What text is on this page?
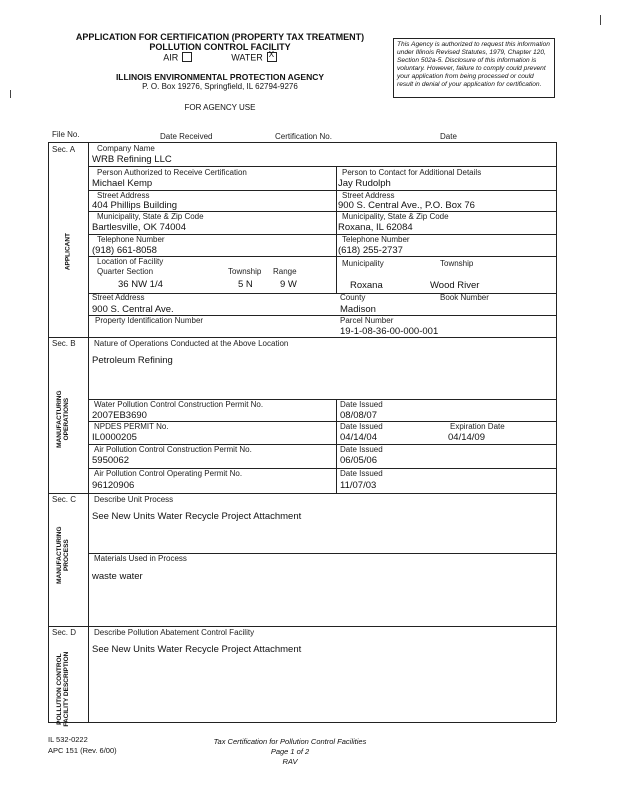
APPLICATION FOR CERTIFICATION (PROPERTY TAX TREATMENT)
POLLUTION CONTROL FACILITY
AIR	WATER X
ILLINOIS ENVIRONMENTAL PROTECTION AGENCY
P. O. Box 19276, Springfield, IL 62794-9276
FOR AGENCY USE
This Agency is authorized to request this information under Illinois Revised Statutes, 1979, Chapter 120, Section 502a-5. Disclosure of this information is voluntary. However, failure to comply could prevent your application from being processed or could result in denial of your application for certification.
File No.	Date Received	Certification No.	Date
Sec. A
APPLICANT
Company Name
WRB Refining LLC
Person Authorized to Receive Certification
Michael Kemp
Person to Contact for Additional Details
Jay Rudolph
Street Address
404 Phillips Building
Street Address
900 S. Central Ave., P.O. Box 76
Municipality, State & Zip Code
Bartlesville, OK 74004
Municipality, State & Zip Code
Roxana, IL 62084
Telephone Number
(918) 661-8058
Telephone Number
(618) 255-2737
Location of Facility
Quarter Section
36 NW 1/4
Township
5 N
Range
9 W
Municipality
Roxana
Township
Wood River
Street Address
900 S. Central Ave.
County
Madison
Book Number
Property Identification Number	Parcel Number
19-1-08-36-00-000-001
Sec. B
MANUFACTURING
OPERATIONS
Nature of Operations Conducted at the Above Location
Petroleum Refining
Water Pollution Control Construction Permit No.
2007EB3690
Date Issued
08/08/07
NPDES PERMIT No.
IL0000205
Date Issued
04/14/04
Expiration Date
04/14/09
Air Pollution Control Construction Permit No.
5950062
Date Issued
06/05/06
Air Pollution Control Operating Permit No.
96120906
Date Issued
11/07/03
Sec. C
MANUFACTURING
PROCESS
Describe Unit Process
See New Units Water Recycle Project Attachment
Materials Used in Process
waste water
Sec. D
POLLUTION CONTROL
FACILITY DESCRIPTION
Describe Pollution Abatement Control Facility
See New Units Water Recycle Project Attachment
IL 532-0222
APC 151 (Rev. 6/00)
Tax Certification for Pollution Control Facilities
Page 1 of 2
RAV
